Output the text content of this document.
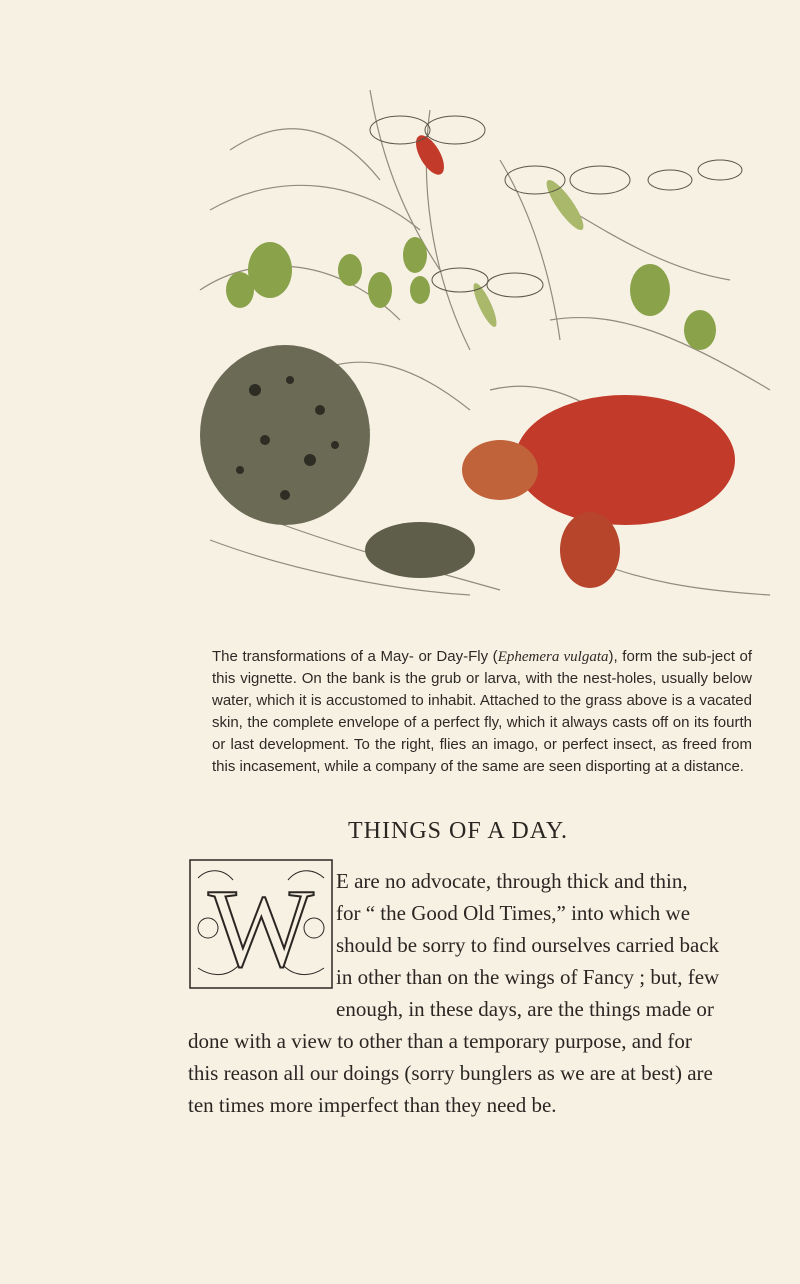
The transformations of a May- or Day-Fly (Ephemera vulgata), form the sub-ject of this vignette. On the bank is the grub or larva, with the nest-holes, usually below water, which it is accustomed to inhabit. Attached to the grass above is a vacated skin, the complete envelope of a perfect fly, which it always casts off on its fourth or last development. To the right, flies an imago, or perfect insect, as freed from this incasement, while a company of the same are seen disporting at a distance.
THINGS OF A DAY.
W E are no advocate, through thick and thin,
for “ the Good Old Times,” into which we
should be sorry to find ourselves carried back
in other than on the wings of Fancy ; but, few
enough, in these days, are the things made or
done with a view to other than a temporary purpose, and for
this reason all our doings (sorry bunglers as we are at best) are
ten times more imperfect than they need be.
